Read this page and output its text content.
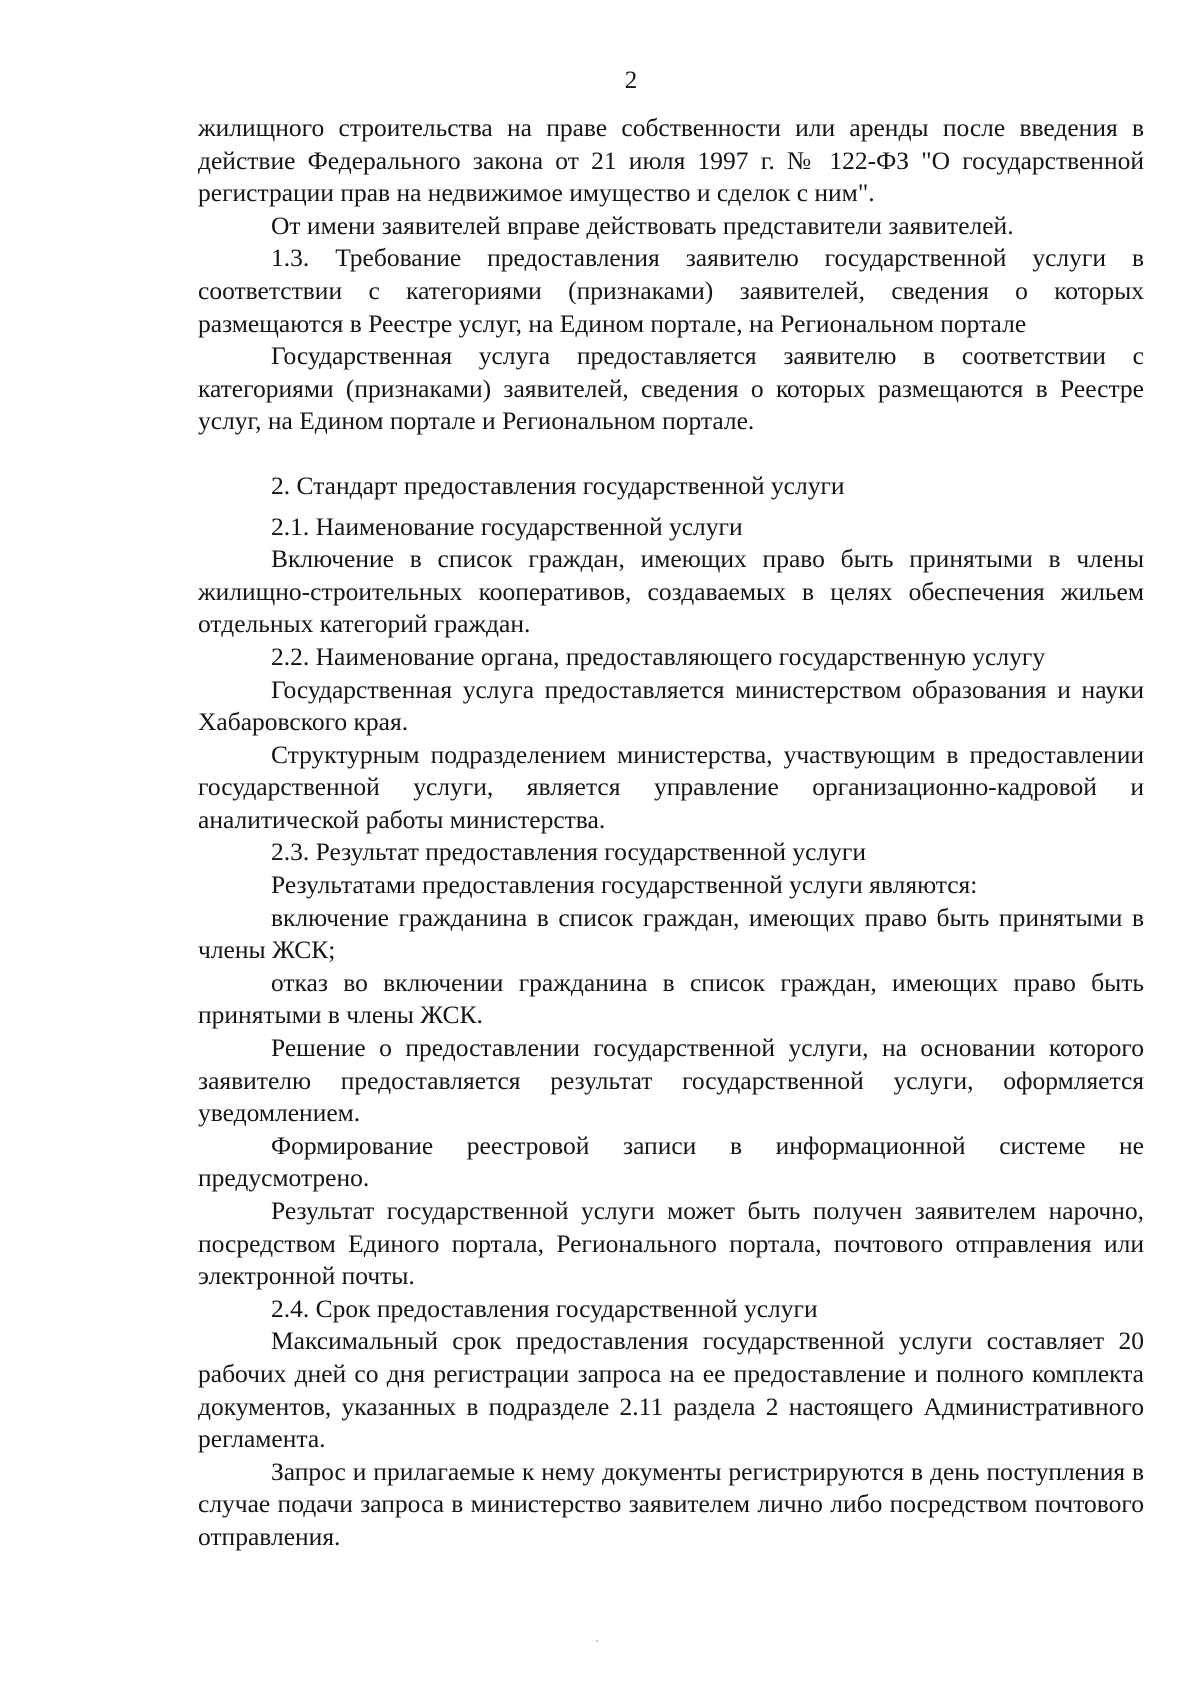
2

жилищного строительства на праве собственности или аренды после введения в действие Федерального закона от 21 июля 1997 г. № 122-ФЗ "О государственной регистрации прав на недвижимое имущество и сделок с ним".

От имени заявителей вправе действовать представители заявителей.

1.3. Требование предоставления заявителю государственной услуги в соответствии с категориями (признаками) заявителей, сведения о которых размещаются в Реестре услуг, на Едином портале, на Региональном портале

Государственная услуга предоставляется заявителю в соответствии с категориями (признаками) заявителей, сведения о которых размещаются в Реестре услуг, на Едином портале и Региональном портале.

2. Стандарт предоставления государственной услуги

2.1. Наименование государственной услуги

Включение в список граждан, имеющих право быть принятыми в члены жилищно-строительных кооперативов, создаваемых в целях обеспечения жильем отдельных категорий граждан.

2.2. Наименование органа, предоставляющего государственную услугу

Государственная услуга предоставляется министерством образования и науки Хабаровского края.

Структурным подразделением министерства, участвующим в предоставлении государственной услуги, является управление организационно-кадровой и аналитической работы министерства.

2.3. Результат предоставления государственной услуги

Результатами предоставления государственной услуги являются:

включение гражданина в список граждан, имеющих право быть принятыми в члены ЖСК;

отказ во включении гражданина в список граждан, имеющих право быть принятыми в члены ЖСК.

Решение о предоставлении государственной услуги, на основании которого заявителю предоставляется результат государственной услуги, оформляется уведомлением.

Формирование реестровой записи в информационной системе не предусмотрено.

Результат государственной услуги может быть получен заявителем нарочно, посредством Единого портала, Регионального портала, почтового отправления или электронной почты.

2.4. Срок предоставления государственной услуги

Максимальный срок предоставления государственной услуги составляет 20 рабочих дней со дня регистрации запроса на ее предоставление и полного комплекта документов, указанных в подразделе 2.11 раздела 2 настоящего Административного регламента.

Запрос и прилагаемые к нему документы регистрируются в день поступления в случае подачи запроса в министерство заявителем лично либо посредством почтового отправления.
